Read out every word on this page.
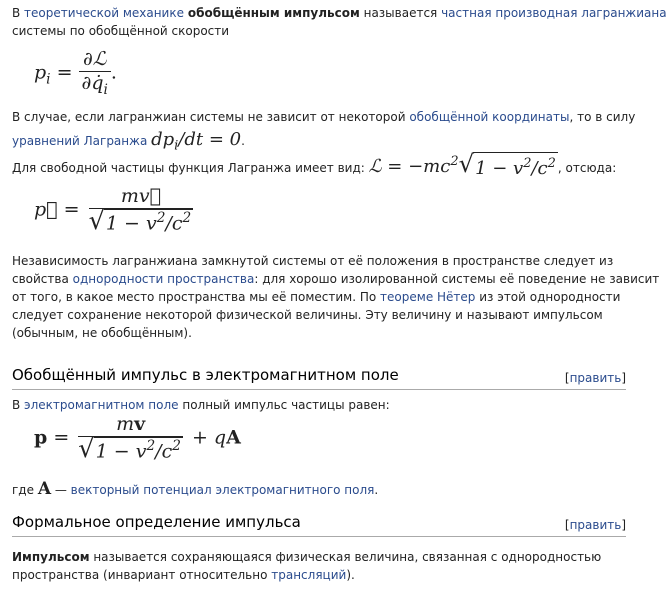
В теоретической механике обобщённым импульсом называется частная производная лагранжиана
системы по обобщённой скорости

$p_i = \frac{\text{∂ℒ}}{\partial q̇_i}$ .

В случае, если лагранжиан системы не зависит от некоторой обобщённой координаты, то в силу
уравнений Лагранжа $dp_i/dt = 0$.

Для свободной частицы функция Лагранжа имеет вид: ℒ = $-mc^2$ √ $1 - v^2/c^2$ , отсюда:

p⃗ =
mv⃗
√ $1 - v^2/c^2$

Независимость лагранжиана замкнутой системы от её положения в пространстве следует из
свойства однородности пространства: для хорошо изолированной системы её поведение не зависит
от того, в какое место пространства мы её поместим. По теореме Нётер из этой однородности
следует сохранение некоторой физической величины. Эту величину и называют импульсом
(обычным, не обобщённым).

Обобщённый импульс в электромагнитном поле	[править]

В электромагнитном поле полный импульс частицы равен:

p =
mv
√ $1 - v^2/c^2$ + qA

где A — векторный потенциал электромагнитного поля.

Формальное определение импульса	[править]

Импульсом называется сохраняющаяся физическая величина, связанная с однородностью
пространства (инвариант относительно трансляций).
